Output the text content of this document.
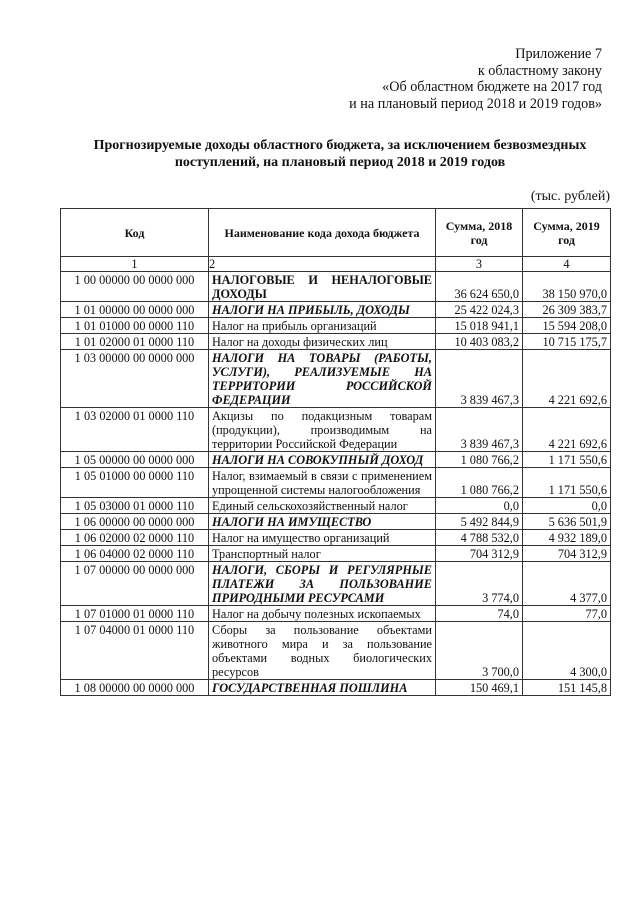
Приложение 7
к областному закону
«Об областном бюджете на 2017 год
и на плановый период 2018 и 2019 годов»
Прогнозируемые доходы областного бюджета, за исключением безвозмездных
поступлений, на плановый период 2018 и 2019 годов
(тыс. рублей)
Код	Наименование кода дохода бюджета	Сумма, 2018 год	Сумма, 2019 год
1	2	3	4
1 00 00000 00 0000 000	НАЛОГОВЫЕ И НЕНАЛОГОВЫЕ ДОХОДЫ	36 624 650,0	38 150 970,0
1 01 00000 00 0000 000	НАЛОГИ НА ПРИБЫЛЬ, ДОХОДЫ	25 422 024,3	26 309 383,7
1 01 01000 00 0000 110	Налог на прибыль организаций	15 018 941,1	15 594 208,0
1 01 02000 01 0000 110	Налог на доходы физических лиц	10 403 083,2	10 715 175,7
1 03 00000 00 0000 000	НАЛОГИ НА ТОВАРЫ (РАБОТЫ, УСЛУГИ), РЕАЛИЗУЕМЫЕ НА ТЕРРИТОРИИ РОССИЙСКОЙ ФЕДЕРАЦИИ	3 839 467,3	4 221 692,6
1 03 02000 01 0000 110	Акцизы по подакцизным товарам (продукции), производимым на территории Российской Федерации	3 839 467,3	4 221 692,6
1 05 00000 00 0000 000	НАЛОГИ НА СОВОКУПНЫЙ ДОХОД	1 080 766,2	1 171 550,6
1 05 01000 00 0000 110	Налог, взимаемый в связи с применением упрощенной системы налогообложения	1 080 766,2	1 171 550,6
1 05 03000 01 0000 110	Единый сельскохозяйственный налог	0,0	0,0
1 06 00000 00 0000 000	НАЛОГИ НА ИМУЩЕСТВО	5 492 844,9	5 636 501,9
1 06 02000 02 0000 110	Налог на имущество организаций	4 788 532,0	4 932 189,0
1 06 04000 02 0000 110	Транспортный налог	704 312,9	704 312,9
1 07 00000 00 0000 000	НАЛОГИ, СБОРЫ И РЕГУЛЯРНЫЕ ПЛАТЕЖИ ЗА ПОЛЬЗОВАНИЕ ПРИРОДНЫМИ РЕСУРСАМИ	3 774,0	4 377,0
1 07 01000 01 0000 110	Налог на добычу полезных ископаемых	74,0	77,0
1 07 04000 01 0000 110	Сборы за пользование объектами животного мира и за пользование объектами водных биологических ресурсов	3 700,0	4 300,0
1 08 00000 00 0000 000	ГОСУДАРСТВЕННАЯ ПОШЛИНА	150 469,1	151 145,8
